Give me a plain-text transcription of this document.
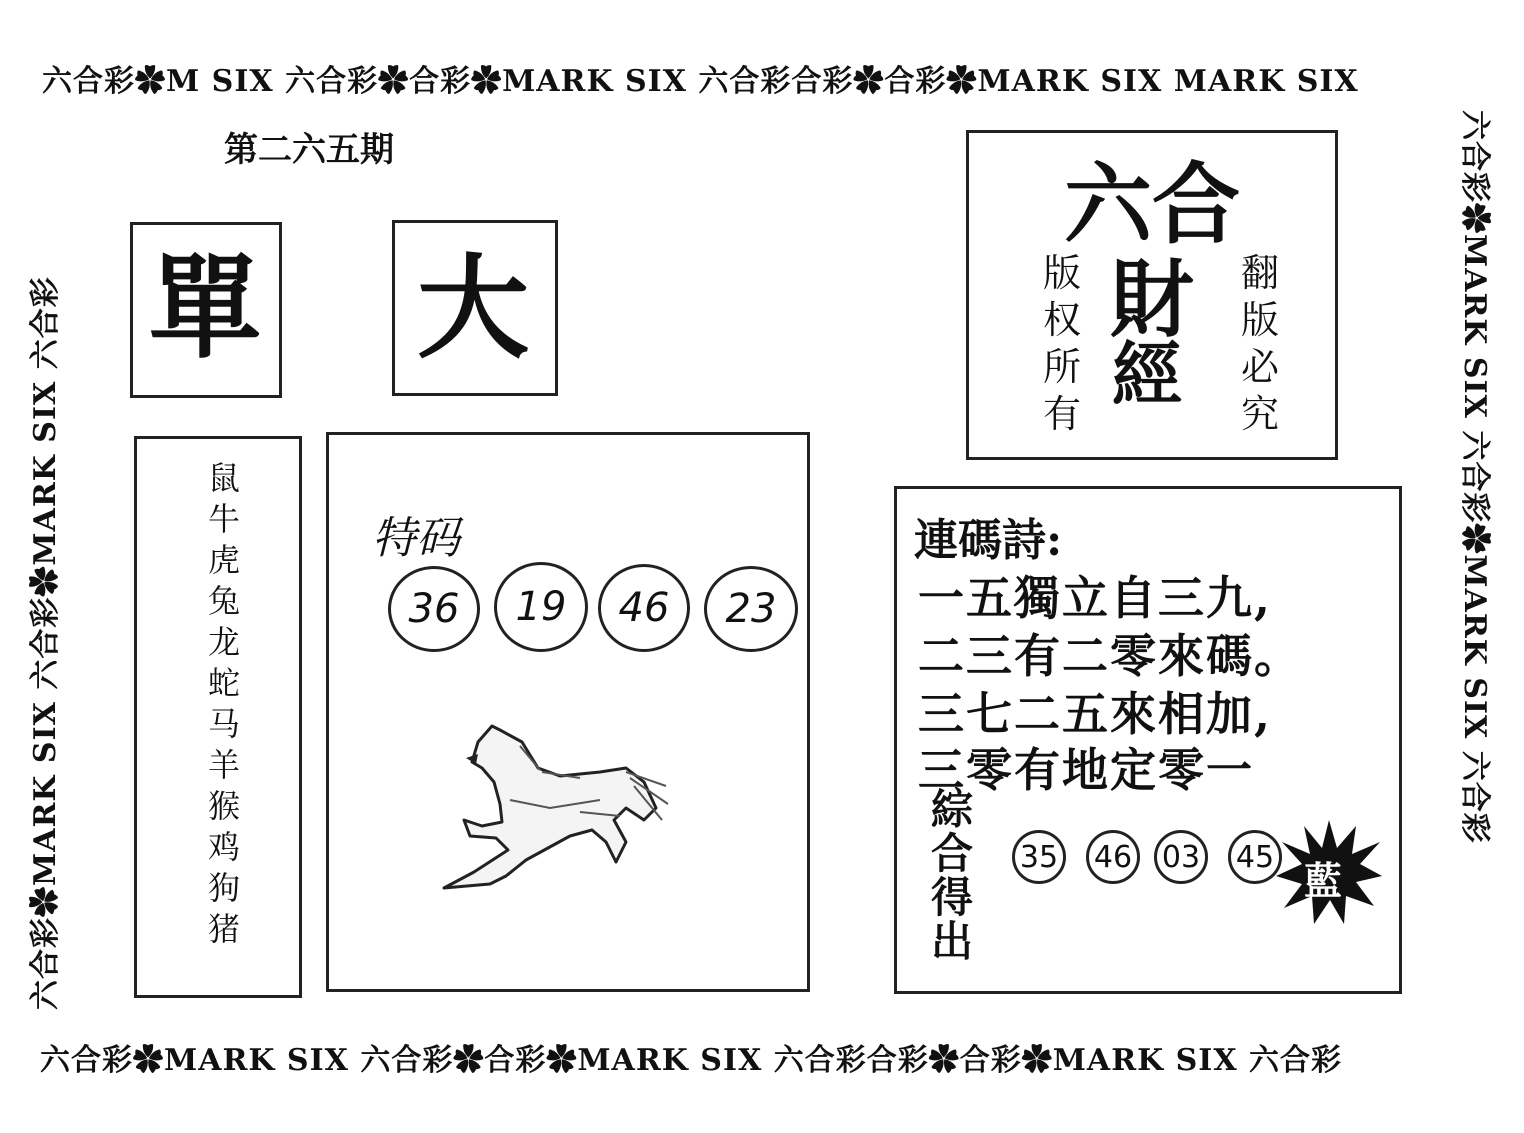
六合彩✿M SIX 六合彩✿合彩✿MARK SIX 六合彩合彩✿合彩✿MARK SIX MARK SIX
六合彩✿MARK SIX 六合彩✿合彩✿MARK SIX 六合彩合彩✿合彩✿MARK SIX 六合彩
六合彩✿MARK SIX 六合彩✿MARK SIX 六合彩	六合彩✿MARK SIX 六合彩✿MARK SIX 六合彩
第二六五期
單 大
鼠
牛
虎
兔
龙
蛇
马
羊
猴
鸡
狗
猪
特码
36 19 46 23
六合
財
經
版
权
所
有
翻
版
必
究
連碼詩:
一五獨立自三九,
二三有二零來碼。
三七二五來相加,
三零有地定零一
綜
合
得
出
35 46 03 45
藍
